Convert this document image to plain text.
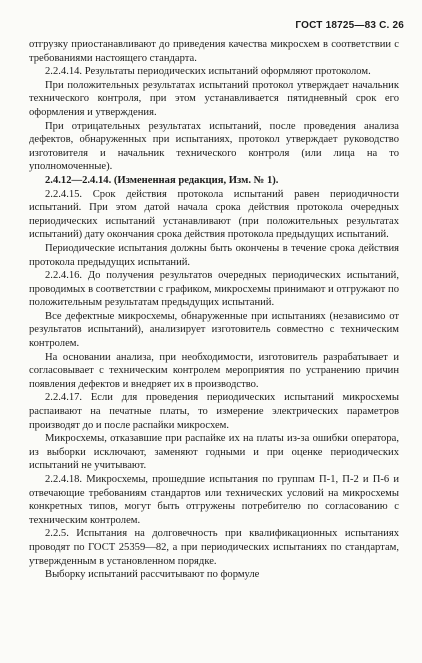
ГОСТ 18725—83 С. 26

отгрузку приостанавливают до приведения качества микросхем в соответствии с требованиями настоящего стандарта.

2.2.4.14. Результаты периодических испытаний оформляют протоколом.

При положительных результатах испытаний протокол утверждает начальник технического контроля, при этом устанавливается пятидневный срок его оформления и утверждения.

При отрицательных результатах испытаний, после проведения анализа дефектов, обнаруженных при испытаниях, протокол утверждает руководство изготовителя и начальник технического контроля (или лица на то уполномоченные).

2.4.12—2.4.14. (Измененная редакция, Изм. № 1).

2.2.4.15. Срок действия протокола испытаний равен периодичности испытаний. При этом датой начала срока действия протокола очередных периодических испытаний устанавливают (при положительных результатах испытаний) дату окончания срока действия протокола предыдущих испытаний.

Периодические испытания должны быть окончены в течение срока действия протокола предыдущих испытаний.

2.2.4.16. До получения результатов очередных периодических испытаний, проводимых в соответствии с графиком, микросхемы принимают и отгружают по положительным результатам предыдущих испытаний.

Все дефектные микросхемы, обнаруженные при испытаниях (независимо от результатов испытаний), анализирует изготовитель совместно с техническим контролем.

На основании анализа, при необходимости, изготовитель разрабатывает и согласовывает с техническим контролем мероприятия по устранению причин появления дефектов и внедряет их в производство.

2.2.4.17. Если для проведения периодических испытаний микросхемы распаивают на печатные платы, то измерение электрических параметров производят до и после распайки микросхем.

Микросхемы, отказавшие при распайке их на платы из-за ошибки оператора, из выборки исключают, заменяют годными и при оценке периодических испытаний не учитывают.

2.2.4.18. Микросхемы, прошедшие испытания по группам П-1, П-2 и П-6 и отвечающие требованиям стандартов или технических условий на микросхемы конкретных типов, могут быть отгружены потребителю по согласованию с техническим контролем.

2.2.5. Испытания на долговечность при квалификационных испытаниях проводят по ГОСТ 25359—82, а при периодических испытаниях по стандартам, утвержденным в установленном порядке.

Выборку испытаний рассчитывают по формуле
